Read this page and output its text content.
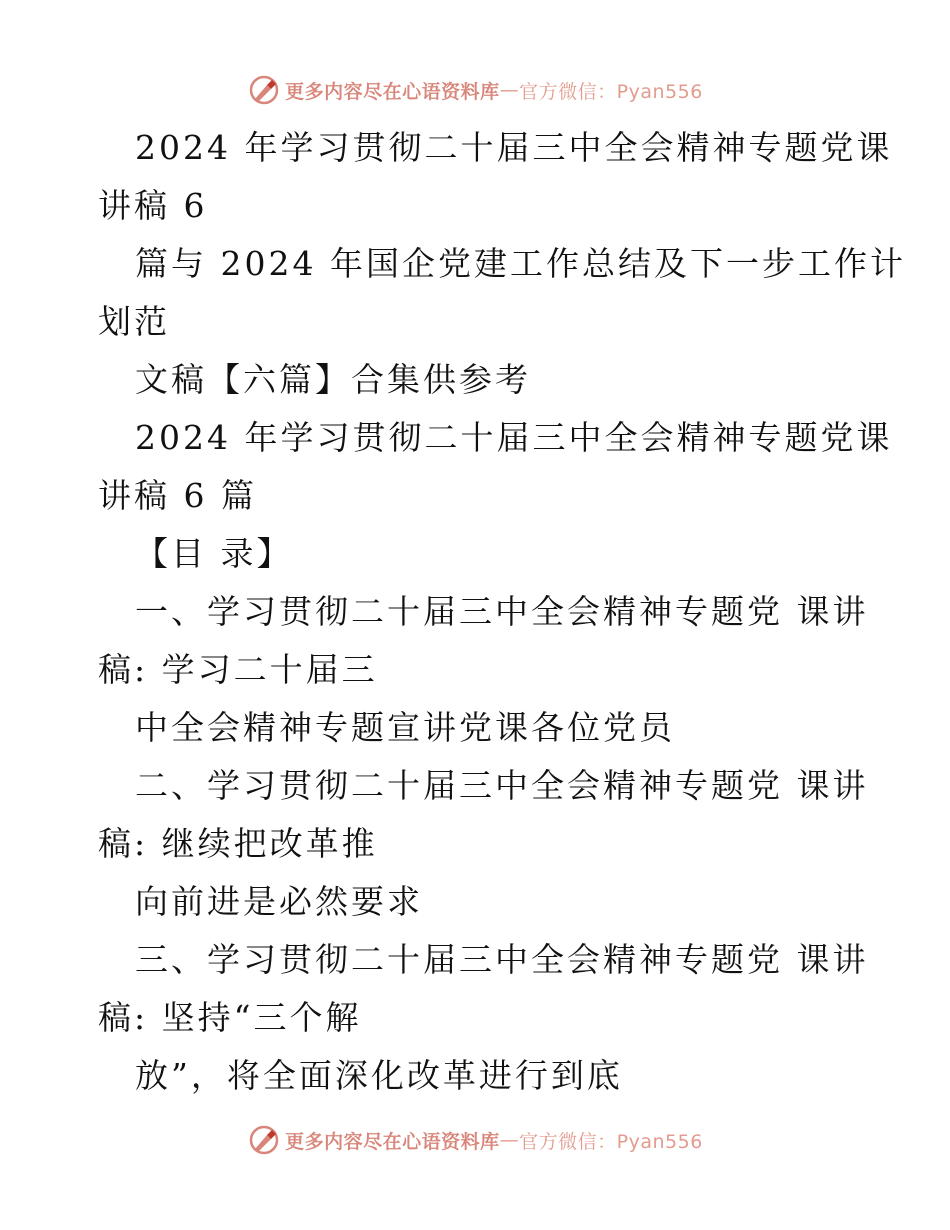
更多内容尽在心语资料库 — 官方微信：Pyan556
2024 年学习贯彻二十届三中全会精神专题党课
讲稿 6
篇与 2024 年国企党建工作总结及下一步工作计
划范
文稿【六篇】合集供参考
2024 年学习贯彻二十届三中全会精神专题党课
讲稿 6 篇
【目 录】
一、学习贯彻二十届三中全会精神专题党 课讲
稿: 学习二十届三
中全会精神专题宣讲党课各位党员
二、学习贯彻二十届三中全会精神专题党 课讲
稿: 继续把改革推
向前进是必然要求
三、学习贯彻二十届三中全会精神专题党 课讲
稿: 坚持“三个解
放”，将全面深化改革进行到底
更多内容尽在心语资料库 — 官方微信：Pyan556
